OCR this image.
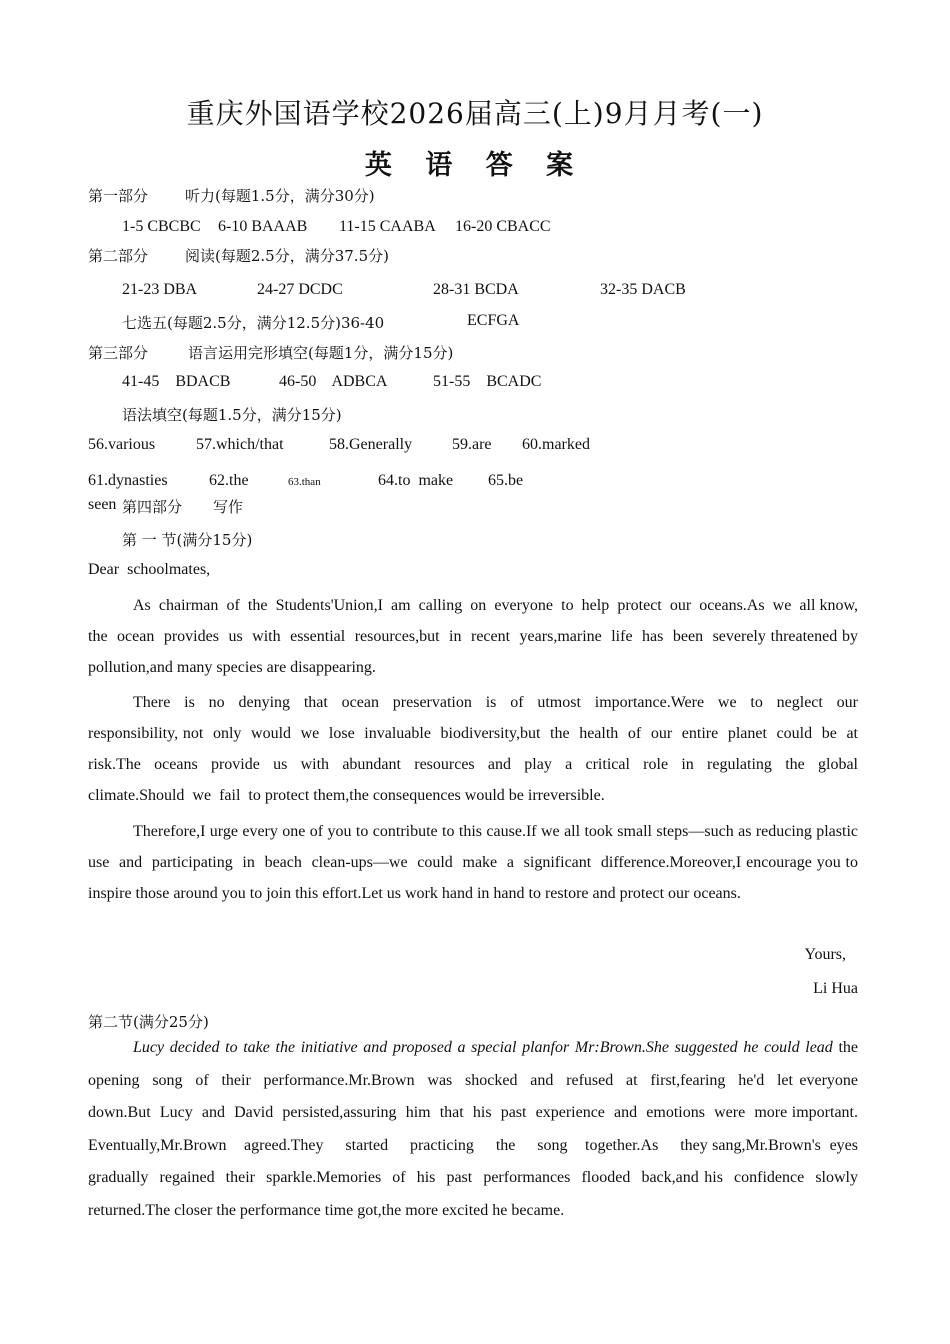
重庆外国语学校2026届高三(上)9月月考(一)
英 语 答 案
第一部分 听力(每题1.5分，满分30分)
1-5 CBCBC 6-10 BAAAB 11-15 CAABA 16-20 CBACC
第二部分 阅读(每题2.5分，满分37.5分)
21-23 DBA	24-27 DCDC	28-31 BCDA	32-35 DACB
七选五(每题2.5分，满分12.5分)36-40	ECFGA
第三部分	语言运用完形填空(每题1分，满分15分)
41-45    BDACB	46-50    ADBCA	51-55    BCADC
语法填空(每题1.5分，满分15分)
56.various	57.which/that	58.Generally 59.are 60.marked
61.dynasties	62.the	63.than	64.to  make 65.be
seen 第四部分 写作
第 一 节(满分15分)
Dear  schoolmates,
As  chairman  of  the  Students'Union,I  am  calling  on  everyone  to  help  protect  our  oceans.As  we  all know,  the  ocean  provides  us  with  essential  resources,but  in  recent  years,marine  life  has  been  severely threatened by pollution,and many species are disappearing.
There  is  no  denying  that  ocean  preservation  is  of  utmost  importance.Were  we  to  neglect  our responsibility, not  only  would  we  lose  invaluable  biodiversity,but  the  health  of  our  entire  planet  could  be  at risk.The  oceans  provide  us  with  abundant  resources  and  play  a  critical  role  in  regulating  the  global climate.Should  we  fail  to protect them,the consequences would be irreversible.
Therefore,I urge every one of you to contribute to this cause.If we all took small steps—such as reducing plastic  use  and  participating  in  beach  clean-ups—we  could  make  a  significant  difference.Moreover,I encourage you to inspire those around you to join this effort.Let us work hand in hand to restore and protect our oceans.
Yours,
Li Hua
第二节(满分25分)
Lucy decided to take the initiative and proposed a special planfor Mr:Brown.She suggested he could lead the  opening  song  of  their  performance.Mr.Brown  was  shocked  and  refused  at  first,fearing  he'd  let everyone down.But  Lucy  and  David  persisted,assuring  him  that  his  past  experience  and  emotions  were  more important.  Eventually,Mr.Brown    agreed.They     started     practicing     the     song    together.As     they sang,Mr.Brown's  eyes gradually  regained  their  sparkle.Memories  of  his  past  performances  flooded  back,and his  confidence  slowly returned.The closer the performance time got,the more excited he became.
